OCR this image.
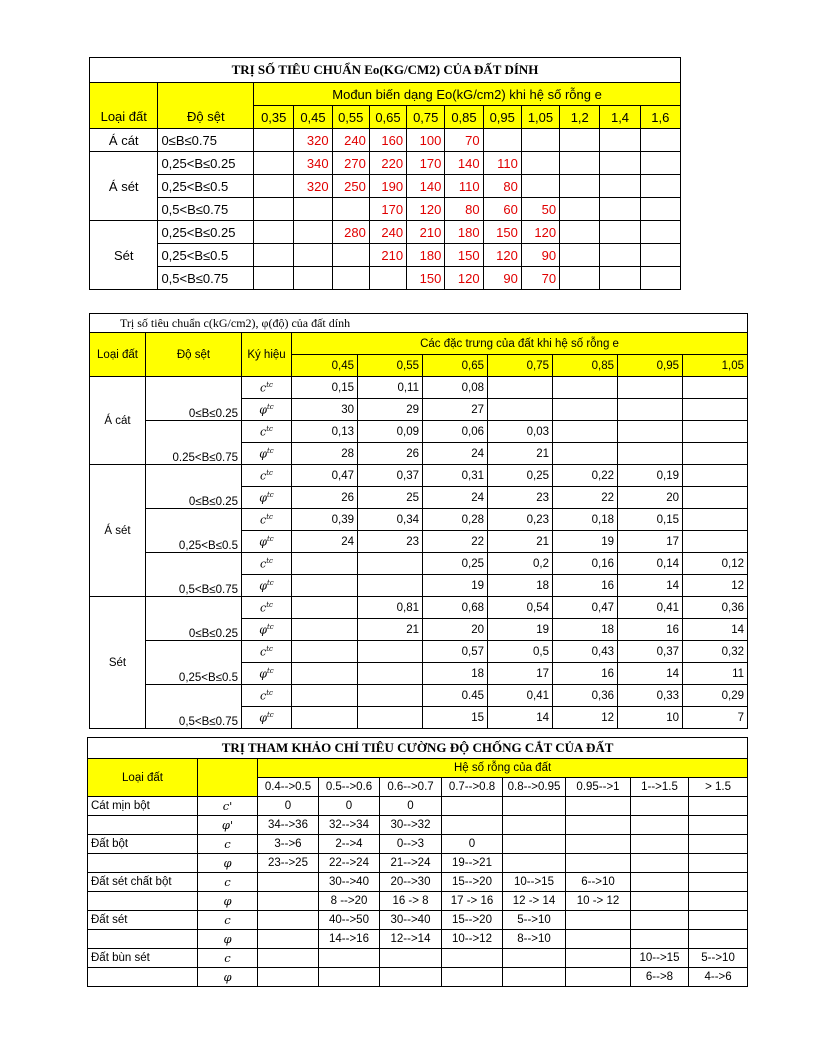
TRỊ SỐ TIÊU CHUẨN Eo(KG/CM2) CỦA ĐẤT DÍNH												
		Mođun biến dạng Eo(kG/cm2) khi hệ số rỗng e										
Loại đất	Độ sệt	0,35	0,45	0,55	0,65	0,75	0,85	0,95	1,05	1,2	1,4	1,6
Á cát	0≤B≤0.75		320	240	160	100	70					
Á sét	0,25<B≤0.25		340	270	220	170	140	110				
	0,25<B≤0.5		320	250	190	140	110	80				
	0,5<B≤0.75				170	120	80	60	50			
Sét	0,25<B≤0.25			280	240	210	180	150	120			
	0,25<B≤0.5				210	180	150	120	90			
	0,5<B≤0.75					150	120	90	70			
Trị số tiêu chuẩn c(kG/cm2), φ(độ) của đất dính									
Loại đất	Độ sệt	Ký hiệu	Các đặc trưng của đất khi hệ số rỗng e						
			0,45	0,55	0,65	0,75	0,85	0,95	1,05
Á cát	0≤B≤0.25	$c^{tc}$	0,15	0,11	0,08				
		$\varphi^{tc}$	30	29	27				
	0.25<B≤0.75	$c^{tc}$	0,13	0,09	0,06	0,03			
		$\varphi^{tc}$	28	26	24	21			
Á sét	0≤B≤0.25	$c^{tc}$	0,47	0,37	0,31	0,25	0,22	0,19	
		$\varphi^{tc}$	26	25	24	23	22	20	
	0,25<B≤0.5	$c^{tc}$	0,39	0,34	0,28	0,23	0,18	0,15	
		$\varphi^{tc}$	24	23	22	21	19	17	
	0,5<B≤0.75	$c^{tc}$			0,25	0,2	0,16	0,14	0,12
		$\varphi^{tc}$			19	18	16	14	12
Sét	0≤B≤0.25	$c^{tc}$		0,81	0,68	0,54	0,47	0,41	0,36
		$\varphi^{tc}$		21	20	19	18	16	14
	0,25<B≤0.5	$c^{tc}$			0,57	0,5	0,43	0,37	0,32
		$\varphi^{tc}$			18	17	16	14	11
	0,5<B≤0.75	$c^{tc}$			0.45	0,41	0,36	0,33	0,29
		$\varphi^{tc}$			15	14	12	10	7
TRỊ THAM KHẢO CHỈ TIÊU CƯỜNG ĐỘ CHỐNG CẮT CỦA ĐẤT									
Loại đất		Hệ số rỗng của đất							
		0.4-->0.5	0.5-->0.6	0.6-->0.7	0.7-->0.8	0.8-->0.95	0.95-->1	1-->1.5	> 1.5
Cát mịn bột	c'	0	0	0					
	φ'	34-->36	32-->34	30-->32					
Đất bột	c	3-->6	2-->4	0-->3	0				
	φ	23-->25	22-->24	21-->24	19-->21				
Đất sét chất bột	c		30-->40	20-->30	15-->20	10-->15	6-->10		
	φ		8 -->20	16 -> 8	17 -> 16	12 -> 14	10 -> 12		
Đất sét	c		40-->50	30-->40	15-->20	5-->10			
	φ		14-->16	12-->14	10-->12	8-->10			
Đất bùn sét	c							10-->15	5-->10
	φ							6-->8	4-->6
